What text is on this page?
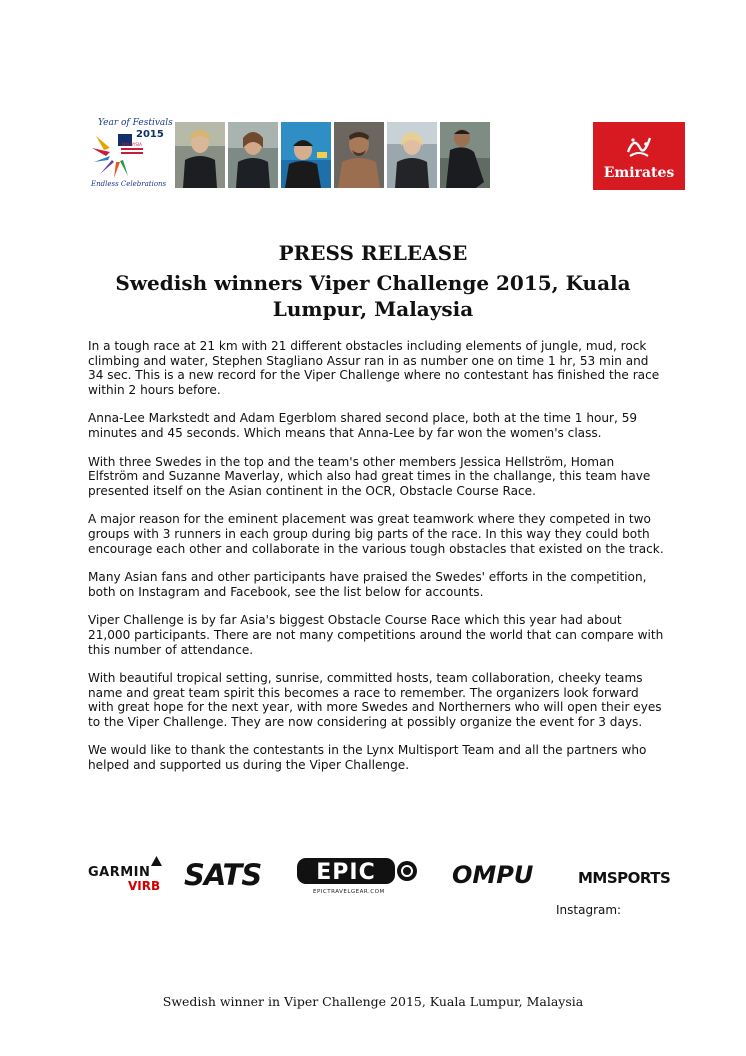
Year of Festivals
2015
MALAYSIA
Endless Celebrations
Emirates
PRESS RELEASE
Swedish winners Viper Challenge 2015, Kuala
Lumpur, Malaysia

In a tough race at 21 km with 21 different obstacles including elements of jungle, mud, rock climbing and water, Stephen Stagliano Assur ran in as number one on time 1 hr, 53 min and 34 sec. This is a new record for the Viper Challenge where no contestant has finished the race within 2 hours before.

Anna-Lee Markstedt and Adam Egerblom shared second place, both at the time 1 hour, 59 minutes and 45 seconds. Which means that Anna-Lee by far won the women's class.

With three Swedes in the top and the team's other members Jessica Hellström, Homan Elfström and Suzanne Maverlay, which also had great times in the challange, this team have presented itself on the Asian continent in the OCR, Obstacle Course Race.

A major reason for the eminent placement was great teamwork where they competed in two groups with 3 runners in each group during big parts of the race. In this way they could both encourage each other and collaborate in the various tough obstacles that existed on the track.

Many Asian fans and other participants have praised the Swedes' efforts in the competition, both on Instagram and Facebook, see the list below for accounts.

Viper Challenge is by far Asia's biggest Obstacle Course Race which this year had about 21,000 participants. There are not many competitions around the world that can compare with this number of attendance.

With beautiful tropical setting, sunrise, committed hosts, team collaboration, cheeky teams name and great team spirit this becomes a race to remember. The organizers look forward with great hope for the next year, with more Swedes and Northerners who will open their eyes to the Viper Challenge. They are now considering at possibly organize the event for 3 days.

We would like to thank the contestants in the Lynx Multisport Team and all the partners who helped and supported us during the Viper Challenge.

GARMIN
VIRB SATS	EPIC
EPICTRAVELGEAR.COM
OMPU	MMSPORTS
Instagram:
Swedish winner in Viper Challenge 2015, Kuala Lumpur, Malaysia
